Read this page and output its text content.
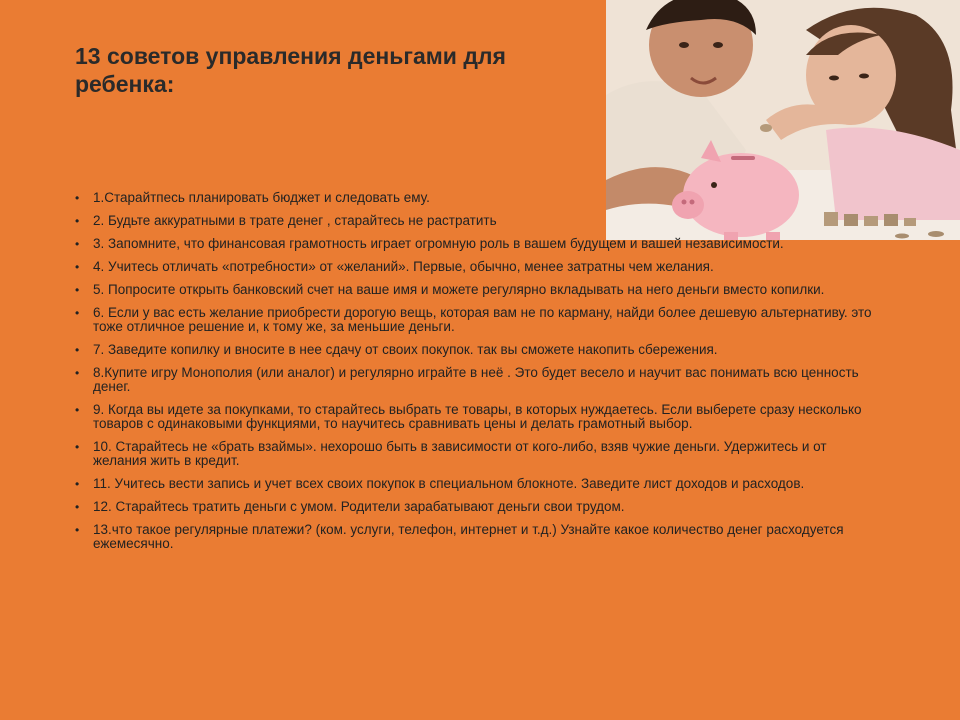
13 советов управления деньгами для
ребенка:
• 1.Старайтпесь планировать бюджет и следовать ему.
• 2. Будьте аккуратными в трате денег , старайтесь не растратить
• 3. Запомните, что финансовая грамотность играет огромную роль в вашем будущем и вашей независимости.
• 4. Учитесь отличать «потребности» от «желаний». Первые, обычно, менее затратны чем желания.
• 5. Попросите открыть банковский счет на ваше имя и можете регулярно вкладывать на него деньги вместо копилки.
• 6. Если у вас есть желание приобрести дорогую вещь, которая вам не по карману, найди более дешевую альтернативу. это тоже отличное решение и, к тому же, за меньшие деньги.
• 7. Заведите копилку и вносите в нее сдачу от своих покупок. так вы сможете накопить сбережения.
• 8.Купите игру Монополия (или аналог) и регулярно играйте в неё . Это будет весело и научит вас понимать всю ценность денег.
• 9. Когда вы идете за покупками, то старайтесь выбрать те товары, в которых нуждаетесь. Если выберете сразу несколько товаров с одинаковыми функциями, то научитесь сравнивать цены и делать грамотный выбор.
• 10. Старайтесь не «брать взаймы». нехорошо быть в зависимости от кого-либо, взяв чужие деньги. Удержитесь и от желания жить в кредит.
• 11. Учитесь вести запись и учет всех своих покупок в специальном блокноте. Заведите лист доходов и расходов.
• 12. Старайтесь тратить деньги с умом. Родители зарабатывают деньги свои трудом.
• 13.что такое регулярные платежи? (ком. услуги, телефон, интернет и т.д.) Узнайте какое количество денег расходуется ежемесячно.
